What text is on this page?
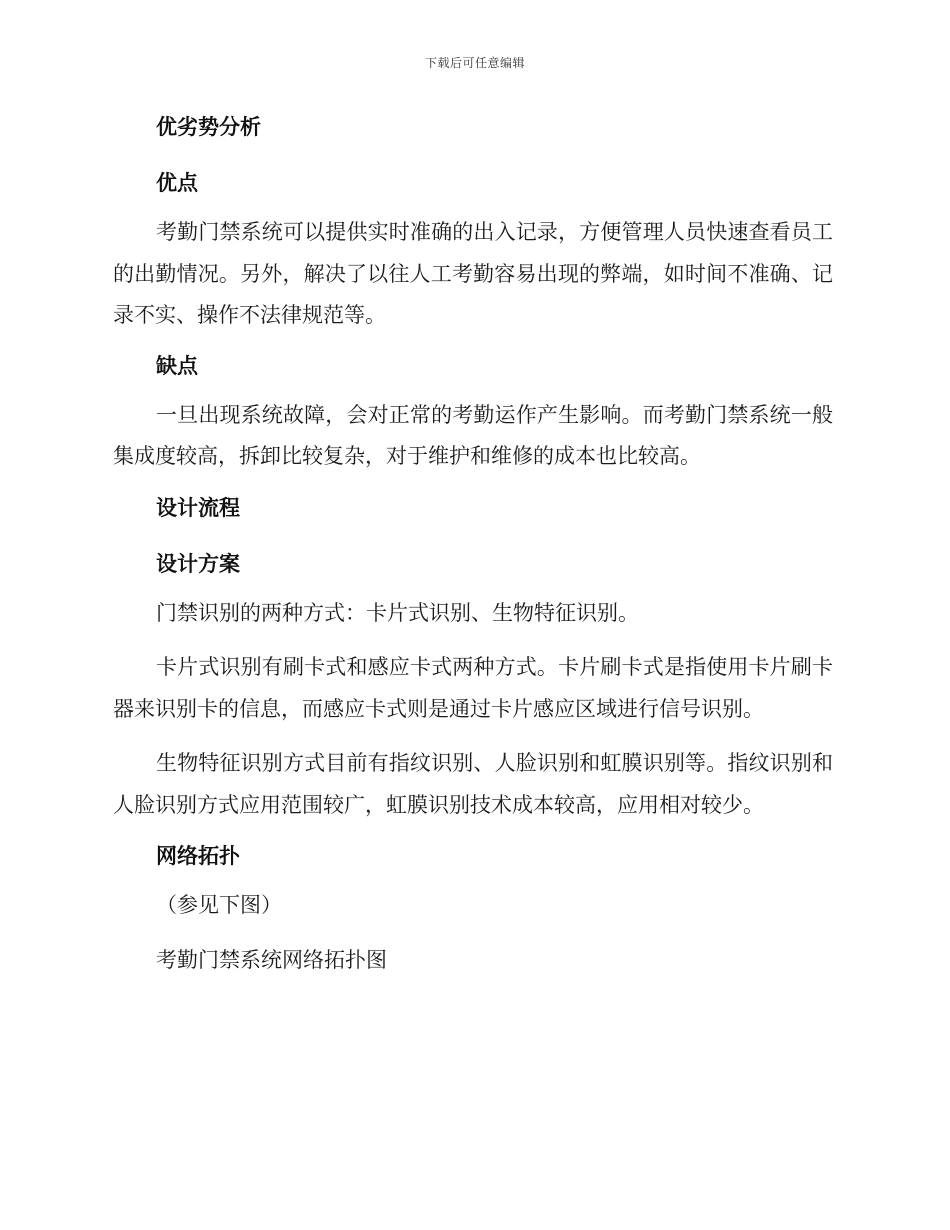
下载后可任意编辑
优劣势分析
优点

考勤门禁系统可以提供实时准确的出入记录，方便管理人员快速查看员工的出勤情况。另外，解决了以往人工考勤容易出现的弊端，如时间不准确、记录不实、操作不法律规范等。

缺点

一旦出现系统故障，会对正常的考勤运作产生影响。而考勤门禁系统一般集成度较高，拆卸比较复杂，对于维护和维修的成本也比较高。

设计流程
设计方案

门禁识别的两种方式：卡片式识别、生物特征识别。

卡片式识别有刷卡式和感应卡式两种方式。卡片刷卡式是指使用卡片刷卡器来识别卡的信息，而感应卡式则是通过卡片感应区域进行信号识别。

生物特征识别方式目前有指纹识别、人脸识别和虹膜识别等。指纹识别和人脸识别方式应用范围较广，虹膜识别技术成本较高，应用相对较少。

网络拓扑

（参见下图）

考勤门禁系统网络拓扑图
